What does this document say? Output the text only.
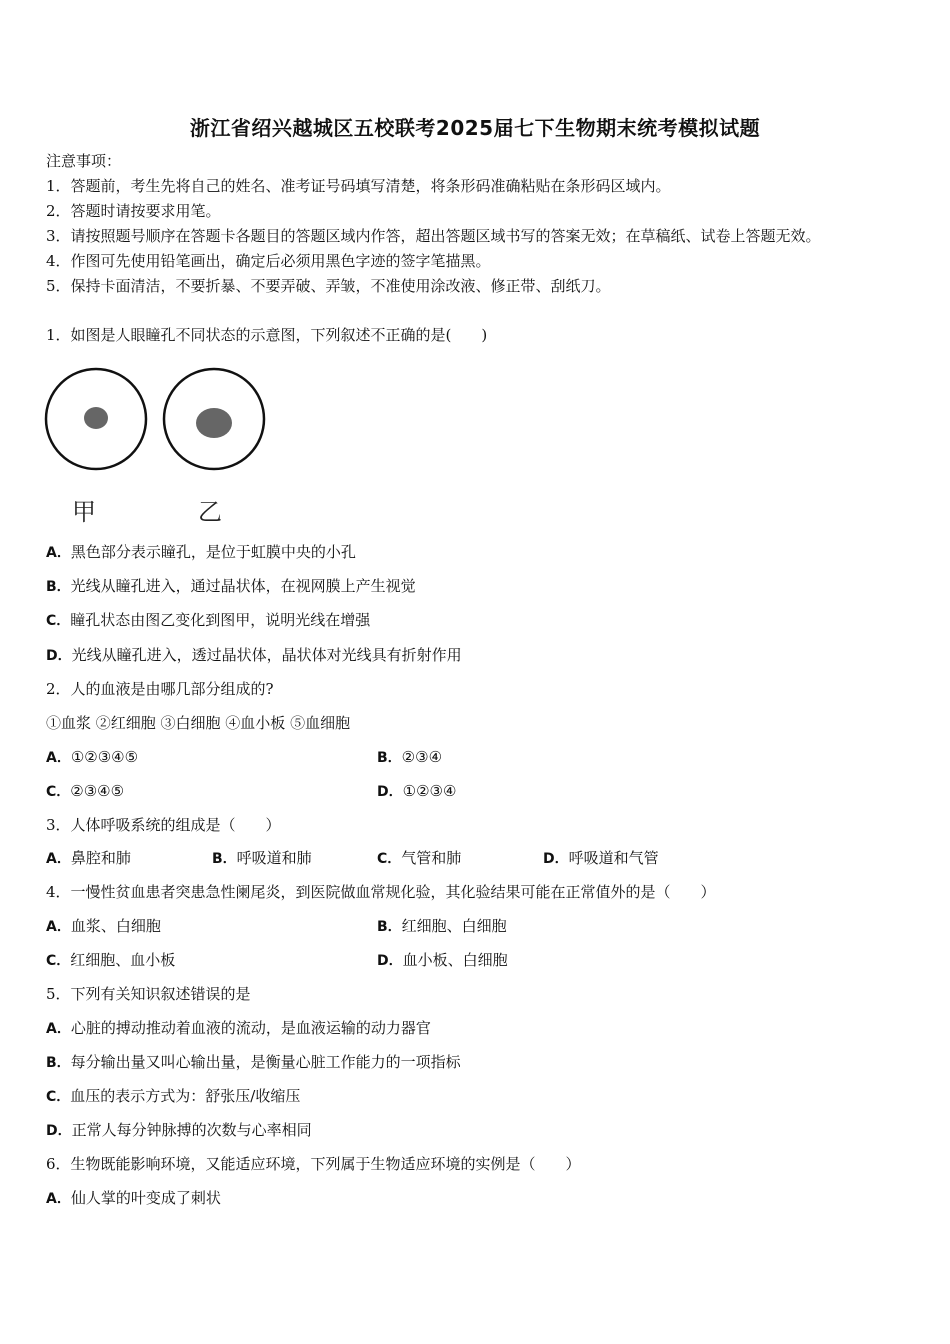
浙江省绍兴越城区五校联考2025届七下生物期末统考模拟试题
注意事项：
1．答题前，考生先将自己的姓名、准考证号码填写清楚，将条形码准确粘贴在条形码区域内。
2．答题时请按要求用笔。
3．请按照题号顺序在答题卡各题目的答题区域内作答，超出答题区域书写的答案无效；在草稿纸、试卷上答题无效。
4．作图可先使用铅笔画出，确定后必须用黑色字迹的签字笔描黑。
5．保持卡面清洁，不要折暴、不要弄破、弄皱，不准使用涂改液、修正带、刮纸刀。
1．如图是人眼瞳孔不同状态的示意图，下列叙述不正确的是(　　)
甲	乙
A．黑色部分表示瞳孔，是位于虹膜中央的小孔
B．光线从瞳孔进入，通过晶状体，在视网膜上产生视觉
C．瞳孔状态由图乙变化到图甲，说明光线在增强
D．光线从瞳孔进入，透过晶状体，晶状体对光线具有折射作用
2．人的血液是由哪几部分组成的?
①血浆 ②红细胞 ③白细胞 ④血小板 ⑤血细胞
A．①②③④⑤	B．②③④
C．②③④⑤	D．①②③④
3．人体呼吸系统的组成是（　　）
A．鼻腔和肺	B．呼吸道和肺	C．气管和肺	D．呼吸道和气管
4．一慢性贫血患者突患急性阑尾炎，到医院做血常规化验，其化验结果可能在正常值外的是（　　）
A．血浆、白细胞	B．红细胞、白细胞
C．红细胞、血小板	D．血小板、白细胞
5．下列有关知识叙述错误的是
A．心脏的搏动推动着血液的流动，是血液运输的动力器官
B．每分输出量又叫心输出量，是衡量心脏工作能力的一项指标
C．血压的表示方式为：舒张压/收缩压
D．正常人每分钟脉搏的次数与心率相同
6．生物既能影响环境，又能适应环境，下列属于生物适应环境的实例是（　　）
A．仙人掌的叶变成了刺状
